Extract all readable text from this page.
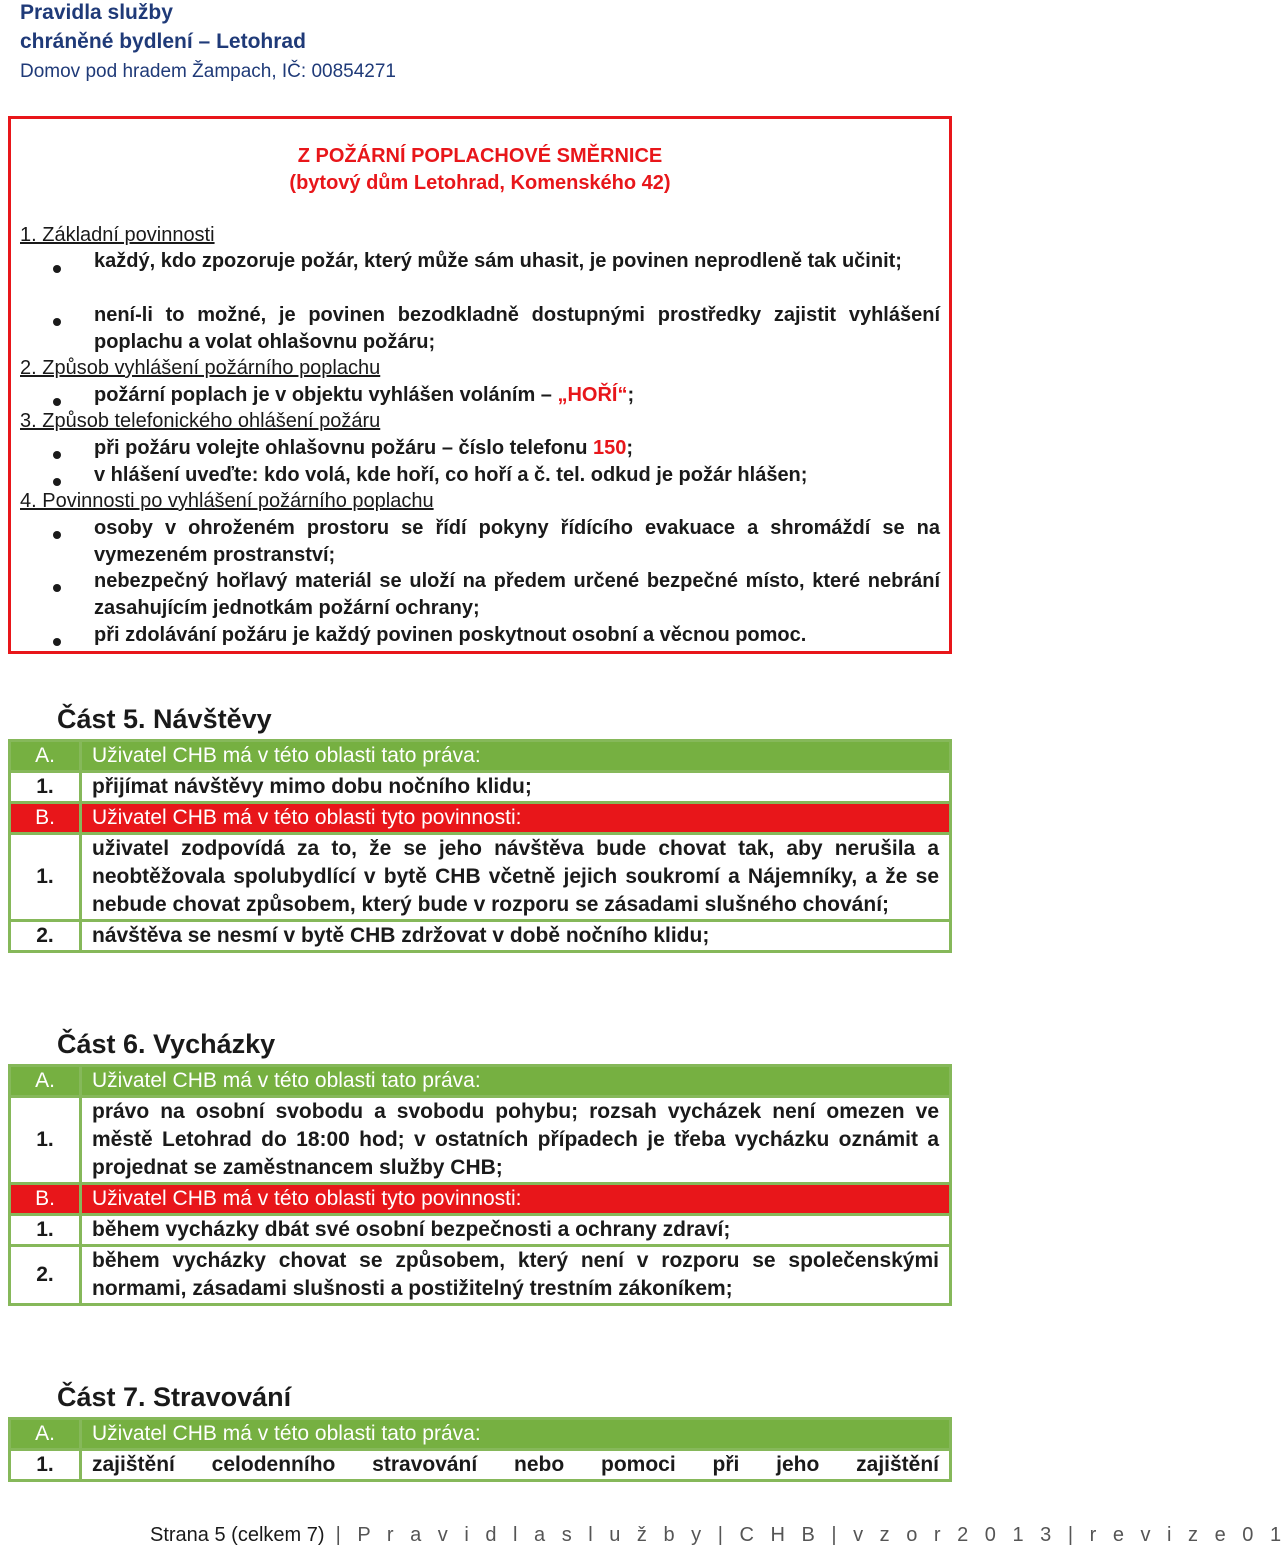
Pravidla služby
chráněné bydlení – Letohrad
Domov pod hradem Žampach, IČ: 00854271
Z POŽÁRNÍ POPLACHOVÉ SMĚRNICE
(bytový dům Letohrad, Komenského 42)
1. Základní povinnosti
každý, kdo zpozoruje požár, který může sám uhasit, je povinen neprodleně tak učinit;
není-li to možné, je povinen bezodkladně dostupnými prostředky zajistit vyhlášení poplachu a volat ohlašovnu požáru;
2. Způsob vyhlášení požárního poplachu
požární poplach je v objektu vyhlášen voláním – „HOŘÍ“;
3. Způsob telefonického ohlášení požáru
při požáru volejte ohlašovnu požáru – číslo telefonu 150;
v hlášení uveďte: kdo volá, kde hoří, co hoří a č. tel. odkud je požár hlášen;
4. Povinnosti po vyhlášení požárního poplachu
osoby v ohroženém prostoru se řídí pokyny řídícího evakuace a shromáždí se na vymezeném prostranství;
nebezpečný hořlavý materiál se uloží na předem určené bezpečné místo, které nebrání zasahujícím jednotkám požární ochrany;
při zdolávání požáru je každý povinen poskytnout osobní a věcnou pomoc.
Část 5. Návštěvy
A.	Uživatel CHB má v této oblasti tato práva:
1.	přijímat návštěvy mimo dobu nočního klidu;
B.	Uživatel CHB má v této oblasti tyto povinnosti:
1.	uživatel zodpovídá za to, že se jeho návštěva bude chovat tak, aby nerušila a neobtěžovala spolubydlící v bytě CHB včetně jejich soukromí a Nájemníky, a že se nebude chovat způsobem, který bude v rozporu se zásadami slušného chování;
2.	návštěva se nesmí v bytě CHB zdržovat v době nočního klidu;
Část 6. Vycházky
A.	Uživatel CHB má v této oblasti tato práva:
1.	právo na osobní svobodu a svobodu pohybu; rozsah vycházek není omezen ve městě Letohrad do 18:00 hod; v ostatních případech je třeba vycházku oznámit a projednat se zaměstnancem služby CHB;
B.	Uživatel CHB má v této oblasti tyto povinnosti:
1.	během vycházky dbát své osobní bezpečnosti a ochrany zdraví;
2.	během vycházky chovat se způsobem, který není v rozporu se společenskými normami, zásadami slušnosti a postižitelný trestním zákoníkem;
Část 7. Stravování
A.	Uživatel CHB má v této oblasti tato práva:
1.	zajištění celodenního stravování nebo pomoci při jeho zajištění
Strana 5 (celkem 7) | P r a v i d l a s l u ž b y | C H B | v z o r 2 0 1 3 | r e v i z e 0 1
